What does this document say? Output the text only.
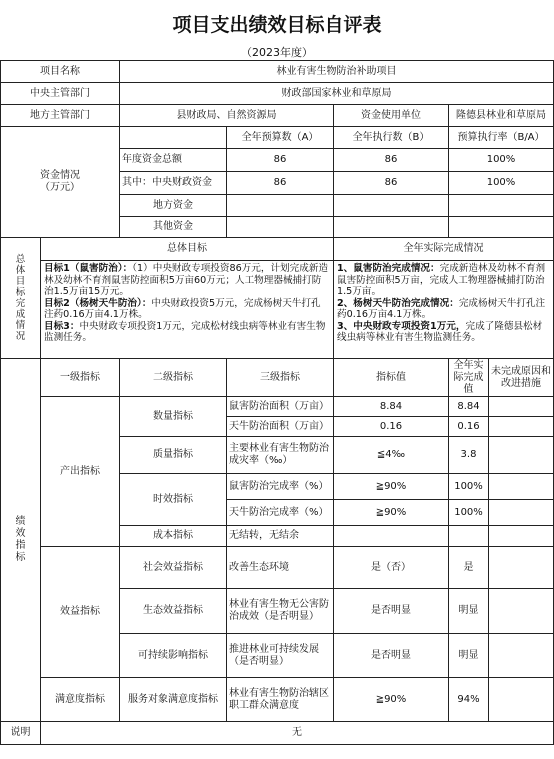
项目支出绩效目标自评表
（2023年度）
项目名称		林业有害生物防治补助项目				
中央主管部门		财政部国家林业和草原局				
地方主管部门		县财政局、自然资源局		资金使用单位	隆德县林业和草原局	
资金情况
（万元）			全年预算数（A）	全年执行数（B）	预算执行率（B/A）	
		年度资金总额	86	86	100%	
		其中：中央财政资金	86	86	100%	
		地方资金				
		其他资金				
总体目标完成情况	总体目标			全年实际完成情况		
	目标1（鼠害防治）：（1）中央财政专项投资86万元，计划完成新造林及幼林不育剂鼠害防控面积5万亩60万元；人工物理器械捕打防治1.5万亩15万元。
目标2（杨树天牛防治）：中央财政投资5万元，完成杨树天牛打孔注药0.16万亩4.1万株。
目标3：中央财政专项投资1万元，完成松材线虫病等林业有害生物监测任务。			1、鼠害防治完成情况：完成新造林及幼林不育剂鼠害防控面积5万亩，完成人工物理器械捕打防治1.5万亩。
2、杨树天牛防治完成情况：完成杨树天牛打孔注药0.16万亩4.1万株。
3、中央财政专项投资1万元，完成了隆德县松材线虫病等林业有害生物监测任务。		
绩效指标	一级指标	二级指标	三级指标	指标值	全年实际完成值	未完成原因和改进措施
	产出指标	数量指标	鼠害防治面积（万亩）	8.84	8.84	
			天牛防治面积（万亩）	0.16	0.16	
		质量指标	主要林业有害生物防治成灾率（‰）	≦4‰	3.8	
		时效指标	鼠害防治完成率（%）	≧90%	100%	
			天牛防治完成率（%）	≧90%	100%	
		成本指标	无结转，无结余			

	效益指标	社会效益指标	改善生态环境	是（否）	是	
		生态效益指标	林业有害生物无公害防治成效（是否明显）	是否明显	明显	
		可持续影响指标	推进林业可持续发展（是否明显）	是否明显	明显	
	满意度指标	服务对象满意度指标	林业有害生物防治辖区职工群众满意度	≧90%	94%	

说明	无					
